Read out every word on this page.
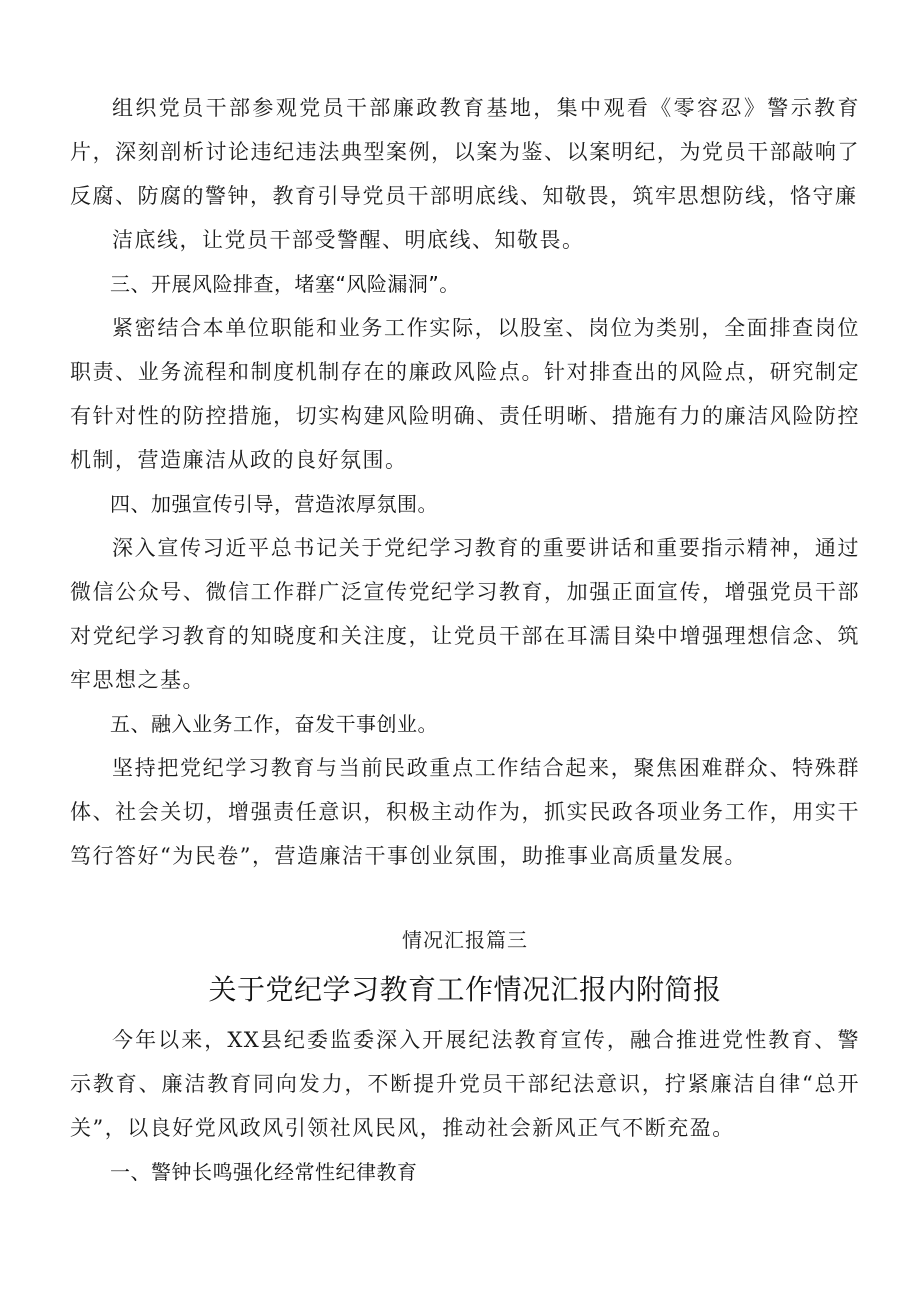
组织党员干部参观党员干部廉政教育基地，集中观看《零容忍》警示教育片，深刻剖析讨论违纪违法典型案例，以案为鉴、以案明纪，为党员干部敲响了反腐、防腐的警钟，教育引导党员干部明底线、知敬畏，筑牢思想防线，恪守廉

洁底线，让党员干部受警醒、明底线、知敬畏。

三、开展风险排查，堵塞“风险漏洞”。

紧密结合本单位职能和业务工作实际，以股室、岗位为类别，全面排查岗位职责、业务流程和制度机制存在的廉政风险点。针对排查出的风险点，研究制定有针对性的防控措施，切实构建风险明确、责任明晰、措施有力的廉洁风险防控机制，营造廉洁从政的良好氛围。

四、加强宣传引导，营造浓厚氛围。

深入宣传习近平总书记关于党纪学习教育的重要讲话和重要指示精神，通过微信公众号、微信工作群广泛宣传党纪学习教育，加强正面宣传，增强党员干部对党纪学习教育的知晓度和关注度，让党员干部在耳濡目染中增强理想信念、筑牢思想之基。

五、融入业务工作，奋发干事创业。

坚持把党纪学习教育与当前民政重点工作结合起来，聚焦困难群众、特殊群体、社会关切，增强责任意识，积极主动作为，抓实民政各项业务工作，用实干笃行答好“为民卷”，营造廉洁干事创业氛围，助推事业高质量发展。

情况汇报篇三

关于党纪学习教育工作情况汇报内附简报

今年以来，XX县纪委监委深入开展纪法教育宣传，融合推进党性教育、警示教育、廉洁教育同向发力，不断提升党员干部纪法意识，拧紧廉洁自律“总开关”，以良好党风政风引领社风民风，推动社会新风正气不断充盈。

一、警钟长鸣强化经常性纪律教育
